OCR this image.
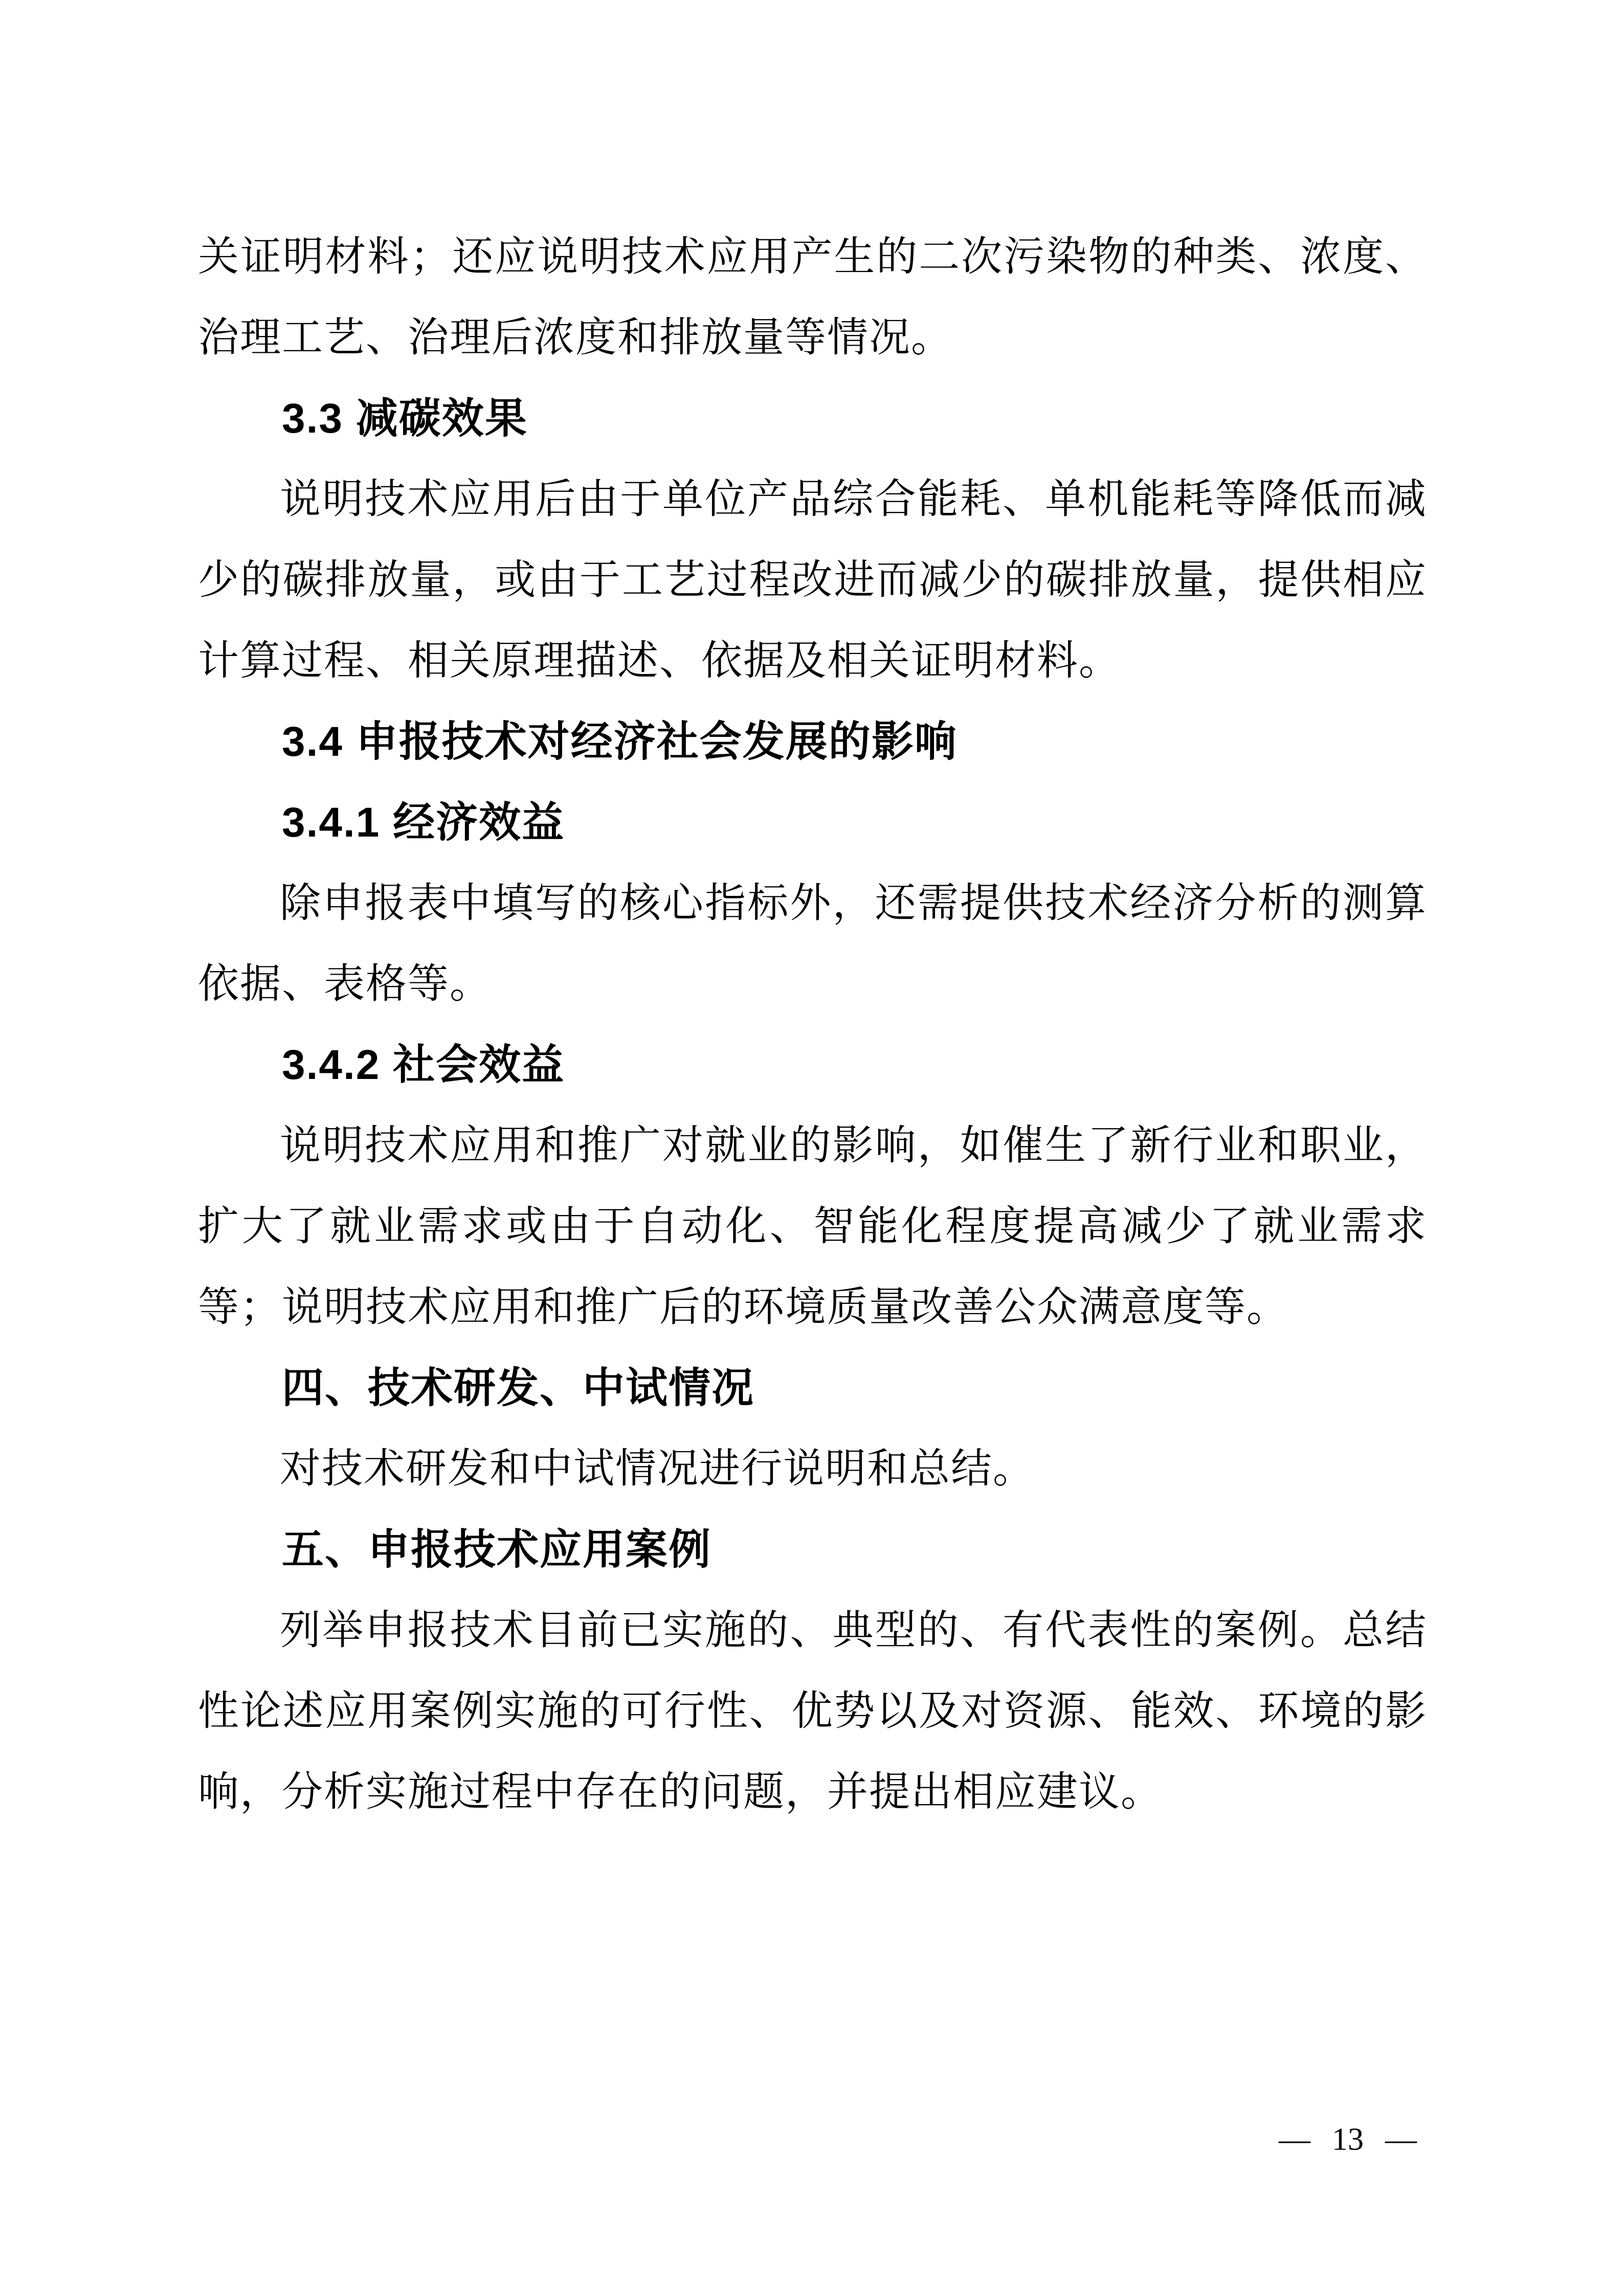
关证明材料；还应说明技术应用产生的二次污染物的种类、浓度、治理工艺、治理后浓度和排放量等情况。

3.3 减碳效果

说明技术应用后由于单位产品综合能耗、单机能耗等降低而减少的碳排放量，或由于工艺过程改进而减少的碳排放量，提供相应计算过程、相关原理描述、依据及相关证明材料。

3.4 申报技术对经济社会发展的影响
3.4.1 经济效益

除申报表中填写的核心指标外，还需提供技术经济分析的测算依据、表格等。

3.4.2 社会效益

说明技术应用和推广对就业的影响，如催生了新行业和职业，扩大了就业需求或由于自动化、智能化程度提高减少了就业需求等；说明技术应用和推广后的环境质量改善公众满意度等。

四、技术研发、中试情况

对技术研发和中试情况进行说明和总结。

五、申报技术应用案例

列举申报技术目前已实施的、典型的、有代表性的案例。总结性论述应用案例实施的可行性、优势以及对资源、能效、环境的影响，分析实施过程中存在的问题，并提出相应建议。

— 13 —
